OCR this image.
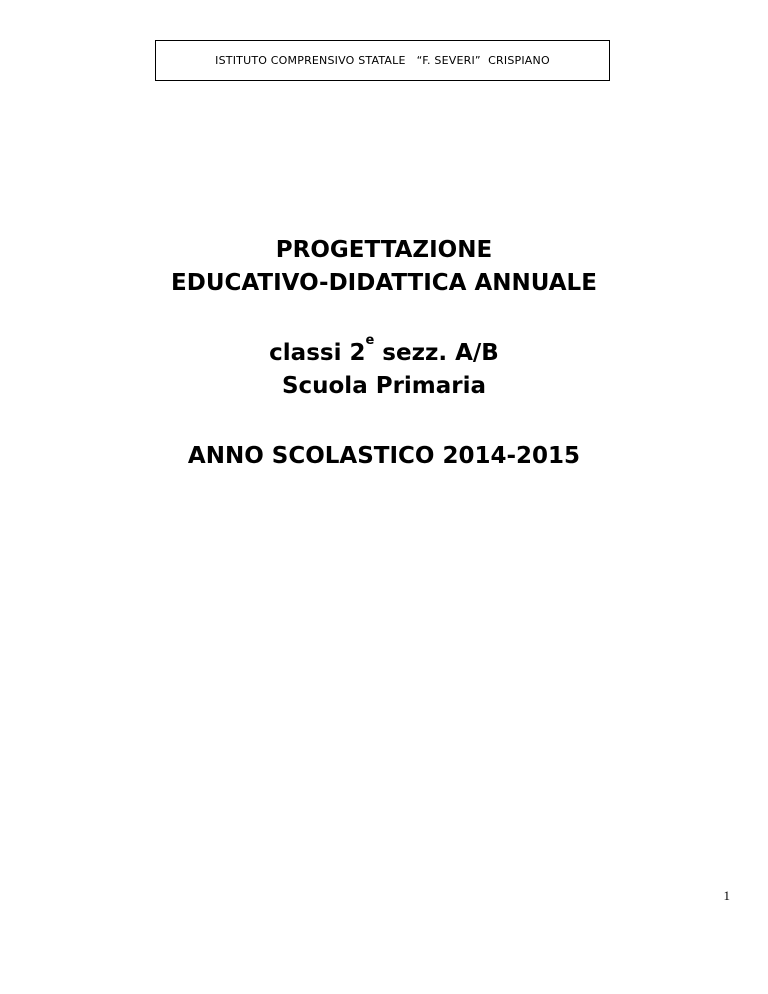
ISTITUTO COMPRENSIVO STATALE   “F. SEVERI”  CRISPIANO
PROGETTAZIONE
EDUCATIVO-DIDATTICA ANNUALE
classi 2e sezz. A/B
Scuola Primaria
ANNO SCOLASTICO 2014-2015
1
